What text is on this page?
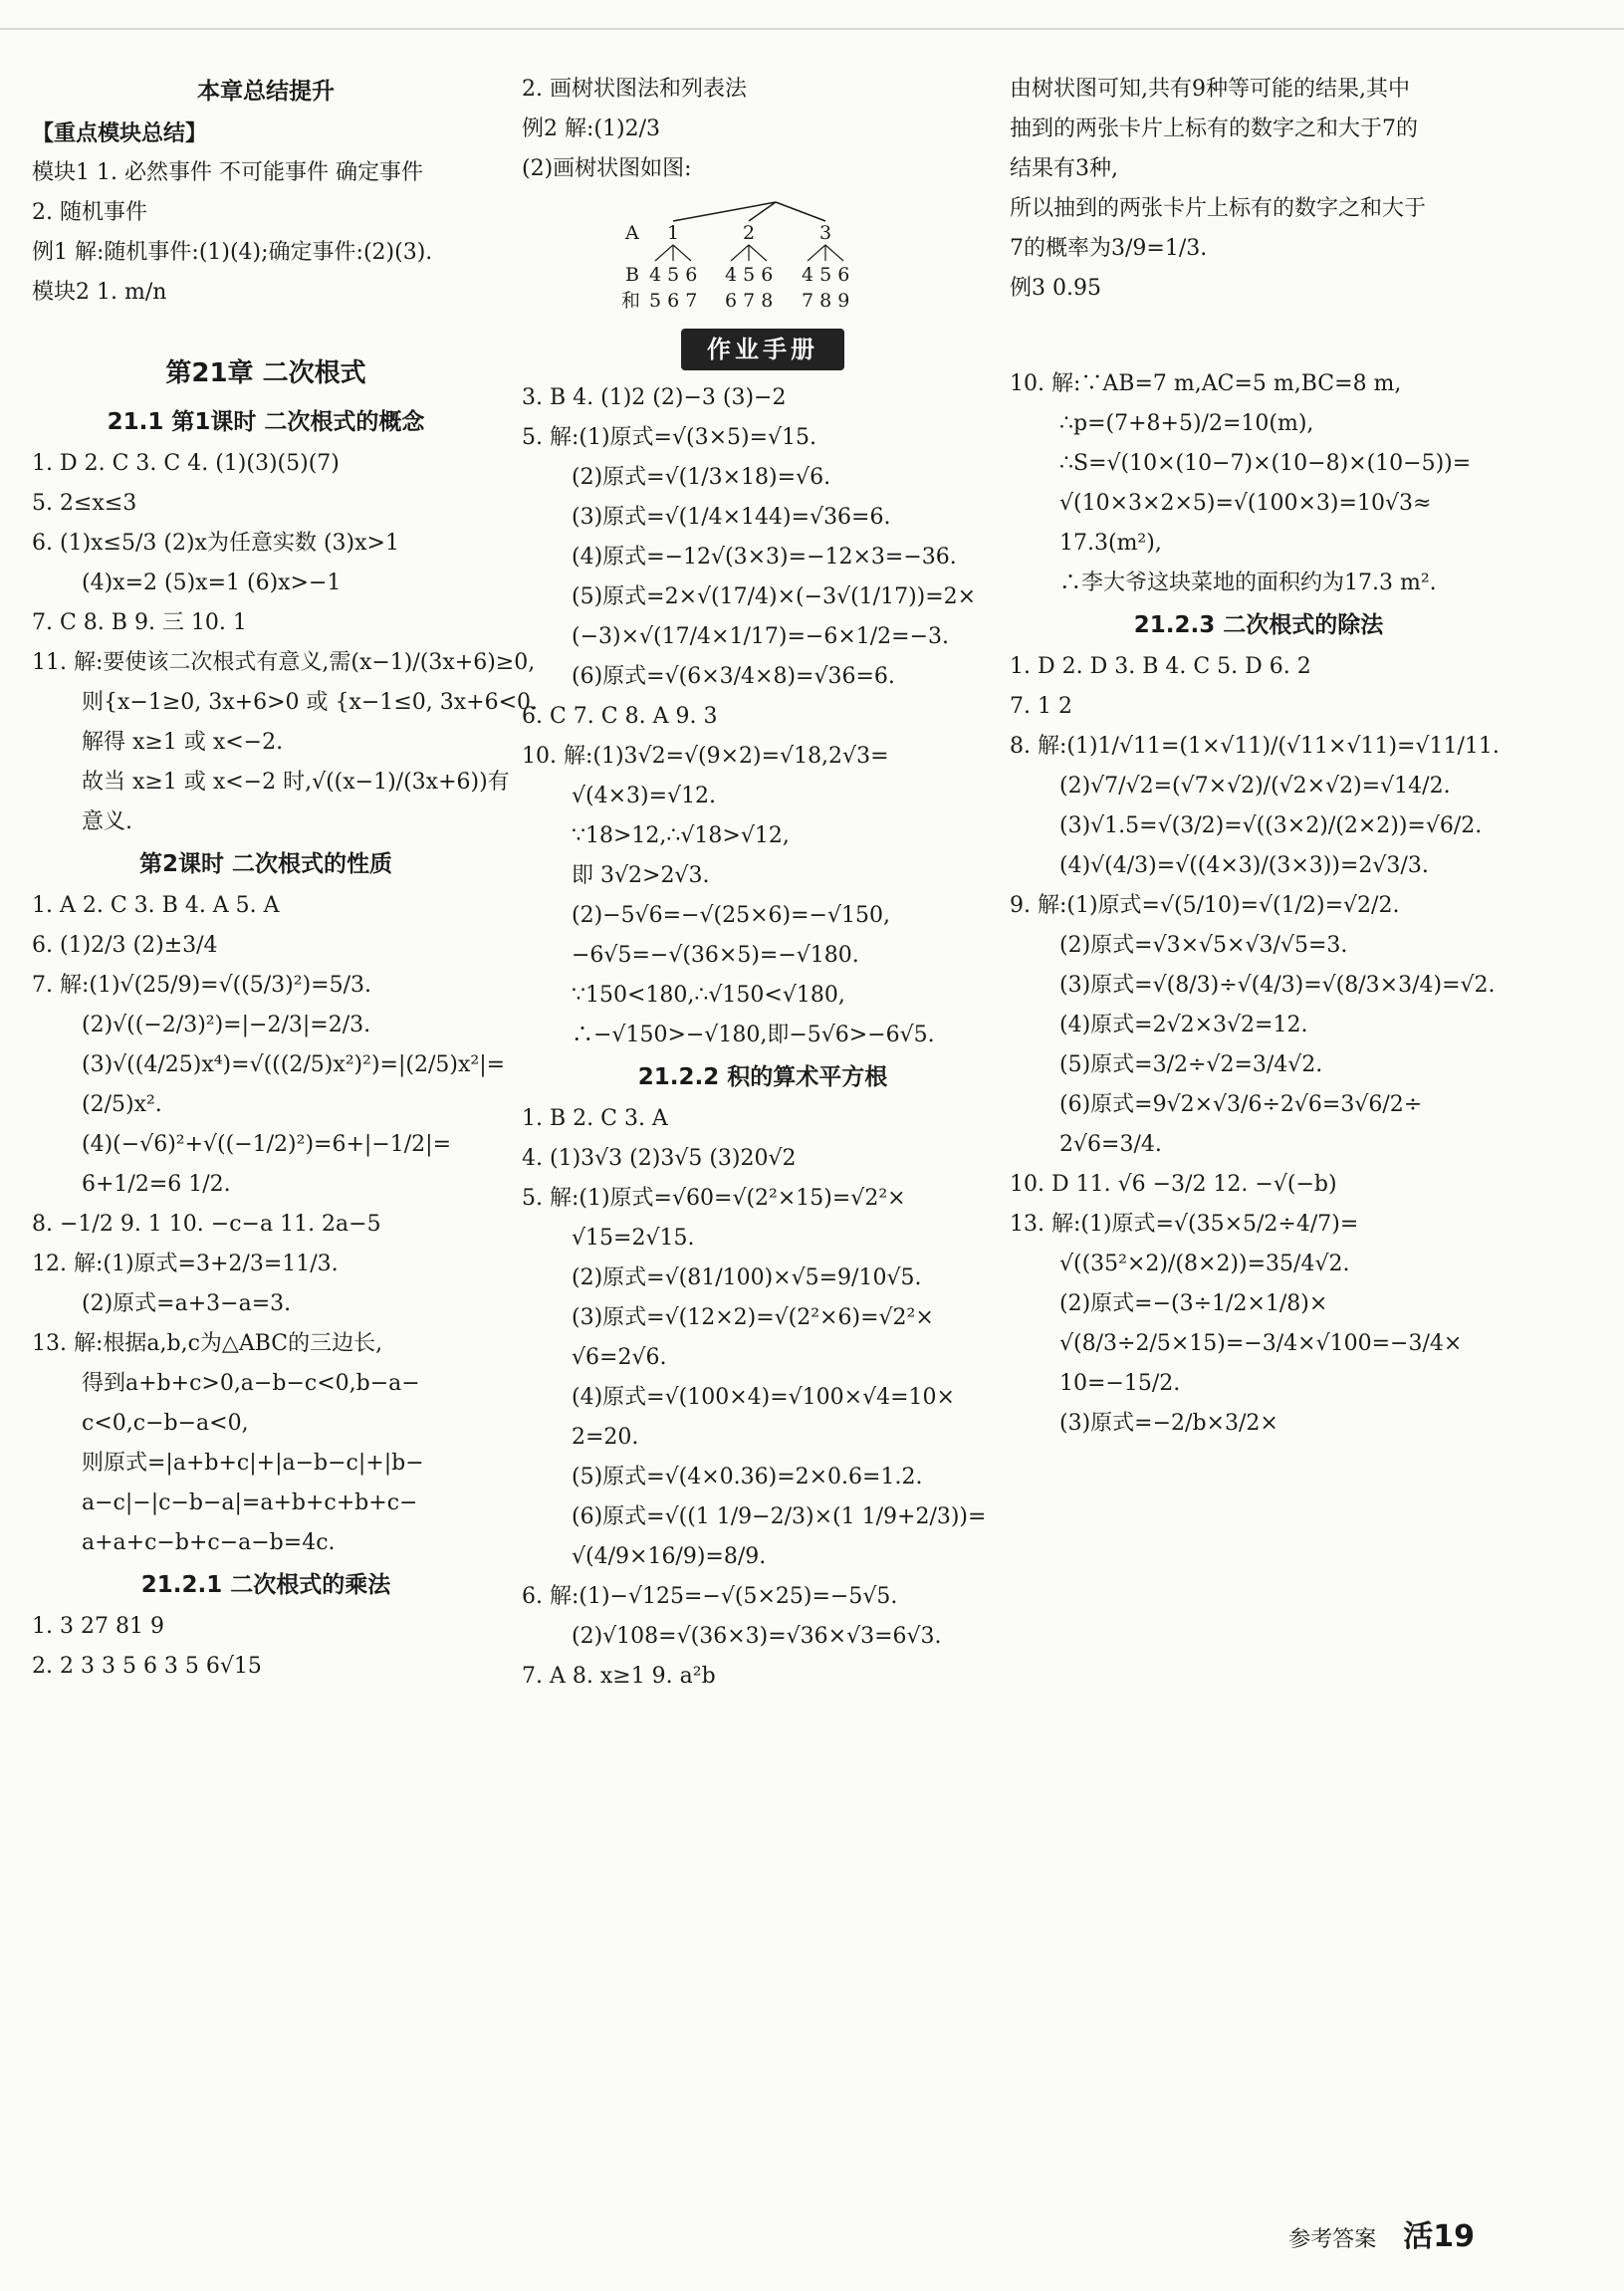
本章总结提升
【重点模块总结】
模块1 1. 必然事件 不可能事件 确定事件
2. 随机事件
例1 解:随机事件:(1)(4);确定事件:(2)(3).
模块2 1. m/n
第21章 二次根式
21.1 第1课时 二次根式的概念
1. D 2. C 3. C 4. (1)(3)(5)(7)
5. 2≤x≤3
6. (1)x≤5/3 (2)x为任意实数 (3)x>1
(4)x=2 (5)x=1 (6)x>−1
7. C 8. B 9. 三 10. 1
11. 解:要使该二次根式有意义,需(x−1)/(3x+6)≥0,
则{x−1≥0, 3x+6>0 或 {x−1≤0, 3x+6<0.
解得 x≥1 或 x<−2.
故当 x≥1 或 x<−2 时,√((x−1)/(3x+6))有
意义.
第2课时 二次根式的性质
1. A 2. C 3. B 4. A 5. A
6. (1)2/3 (2)±3/4
7. 解:(1)√(25/9)=√((5/3)²)=5/3.
(2)√((−2/3)²)=|−2/3|=2/3.
(3)√((4/25)x⁴)=√(((2/5)x²)²)=|(2/5)x²|=
(2/5)x².
(4)(−√6)²+√((−1/2)²)=6+|−1/2|=
6+1/2=6 1/2.
8. −1/2 9. 1 10. −c−a 11. 2a−5
12. 解:(1)原式=3+2/3=11/3.
(2)原式=a+3−a=3.
13. 解:根据a,b,c为△ABC的三边长,
得到a+b+c>0,a−b−c<0,b−a−
c<0,c−b−a<0,
则原式=|a+b+c|+|a−b−c|+|b−
a−c|−|c−b−a|=a+b+c+b+c−
a+a+c−b+c−a−b=4c.
21.2.1 二次根式的乘法
1. 3 27 81 9
2. 2 3 3 5 6 3 5 6√15
2. 画树状图法和列表法
例2 解:(1)2/3
(2)画树状图如图:
A 1	2	3
B 4 5 6 4 5 6 4 5 6
和 5 6 7 6 7 8 7 8 9
作业手册
3. B 4. (1)2 (2)−3 (3)−2
5. 解:(1)原式=√(3×5)=√15.
(2)原式=√(1/3×18)=√6.
(3)原式=√(1/4×144)=√36=6.
(4)原式=−12√(3×3)=−12×3=−36.
(5)原式=2×√(17/4)×(−3√(1/17))=2×
(−3)×√(17/4×1/17)=−6×1/2=−3.
(6)原式=√(6×3/4×8)=√36=6.
6. C 7. C 8. A 9. 3
10. 解:(1)3√2=√(9×2)=√18,2√3=
√(4×3)=√12.
∵18>12,∴√18>√12,
即 3√2>2√3.
(2)−5√6=−√(25×6)=−√150,
−6√5=−√(36×5)=−√180.
∵150<180,∴√150<√180,
∴−√150>−√180,即−5√6>−6√5.
21.2.2 积的算术平方根
1. B 2. C 3. A
4. (1)3√3 (2)3√5 (3)20√2
5. 解:(1)原式=√60=√(2²×15)=√2²×
√15=2√15.
(2)原式=√(81/100)×√5=9/10√5.
(3)原式=√(12×2)=√(2²×6)=√2²×
√6=2√6.
(4)原式=√(100×4)=√100×√4=10×
2=20.
(5)原式=√(4×0.36)=2×0.6=1.2.
(6)原式=√((1 1/9−2/3)×(1 1/9+2/3))=
√(4/9×16/9)=8/9.
6. 解:(1)−√125=−√(5×25)=−5√5.
(2)√108=√(36×3)=√36×√3=6√3.
7. A 8. x≥1 9. a²b
由树状图可知,共有9种等可能的结果,其中
抽到的两张卡片上标有的数字之和大于7的
结果有3种,
所以抽到的两张卡片上标有的数字之和大于
7的概率为3/9=1/3.
例3 0.95
10. 解:∵AB=7 m,AC=5 m,BC=8 m,
∴p=(7+8+5)/2=10(m),
∴S=√(10×(10−7)×(10−8)×(10−5))=
√(10×3×2×5)=√(100×3)=10√3≈
17.3(m²),
∴李大爷这块菜地的面积约为17.3 m².
21.2.3 二次根式的除法
1. D 2. D 3. B 4. C 5. D 6. 2
7. 1 2
8. 解:(1)1/√11=(1×√11)/(√11×√11)=√11/11.
(2)√7/√2=(√7×√2)/(√2×√2)=√14/2.
(3)√1.5=√(3/2)=√((3×2)/(2×2))=√6/2.
(4)√(4/3)=√((4×3)/(3×3))=2√3/3.
9. 解:(1)原式=√(5/10)=√(1/2)=√2/2.
(2)原式=√3×√5×√3/√5=3.
(3)原式=√(8/3)÷√(4/3)=√(8/3×3/4)=√2.
(4)原式=2√2×3√2=12.
(5)原式=3/2÷√2=3/4√2.
(6)原式=9√2×√3/6÷2√6=3√6/2÷
2√6=3/4.
10. D 11. √6 −3/2 12. −√(−b)
13. 解:(1)原式=√(35×5/2÷4/7)=
√((35²×2)/(8×2))=35/4√2.
(2)原式=−(3÷1/2×1/8)×
√(8/3÷2/5×15)=−3/4×√100=−3/4×
10=−15/2.
(3)原式=−2/b×3/2×
参考答案 活19
